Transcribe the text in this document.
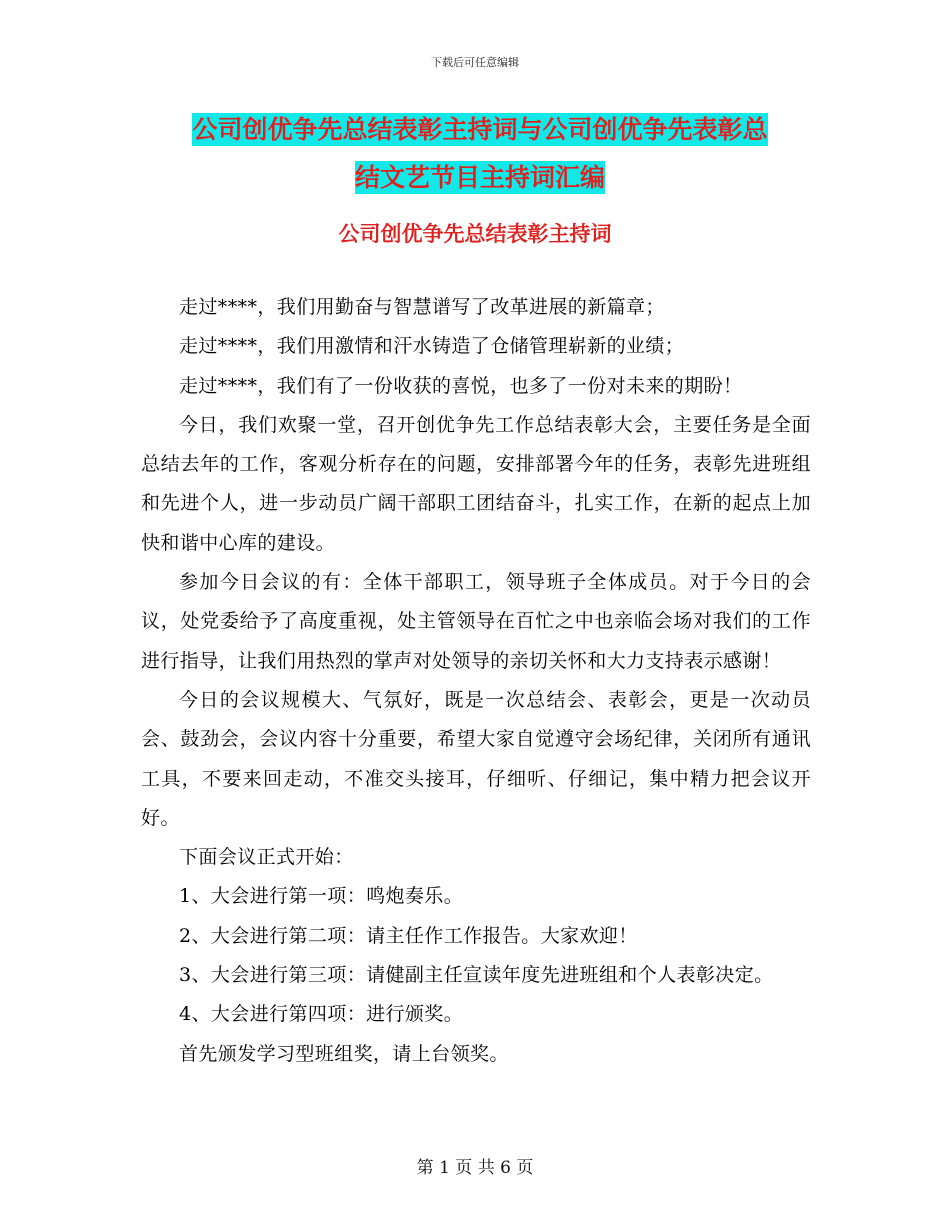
下载后可任意编辑
公司创优争先总结表彰主持词与公司创优争先表彰总
结文艺节目主持词汇编
公司创优争先总结表彰主持词

走过****，我们用勤奋与智慧谱写了改革进展的新篇章；

走过****，我们用激情和汗水铸造了仓储管理崭新的业绩；

走过****，我们有了一份收获的喜悦，也多了一份对未来的期盼！

今日，我们欢聚一堂，召开创优争先工作总结表彰大会，主要任务是全面总结去年的工作，客观分析存在的问题，安排部署今年的任务，表彰先进班组和先进个人，进一步动员广阔干部职工团结奋斗，扎实工作，在新的起点上加快和谐中心库的建设。

参加今日会议的有：全体干部职工，领导班子全体成员。对于今日的会议，处党委给予了高度重视，处主管领导在百忙之中也亲临会场对我们的工作进行指导，让我们用热烈的掌声对处领导的亲切关怀和大力支持表示感谢！

今日的会议规模大、气氛好，既是一次总结会、表彰会，更是一次动员会、鼓劲会，会议内容十分重要，希望大家自觉遵守会场纪律，关闭所有通讯工具，不要来回走动，不准交头接耳，仔细听、仔细记，集中精力把会议开好。

下面会议正式开始：

1、大会进行第一项：鸣炮奏乐。

2、大会进行第二项：请主任作工作报告。大家欢迎！

3、大会进行第三项：请健副主任宣读年度先进班组和个人表彰决定。

4、大会进行第四项：进行颁奖。

首先颁发学习型班组奖，请上台领奖。

第 1 页 共 6 页
